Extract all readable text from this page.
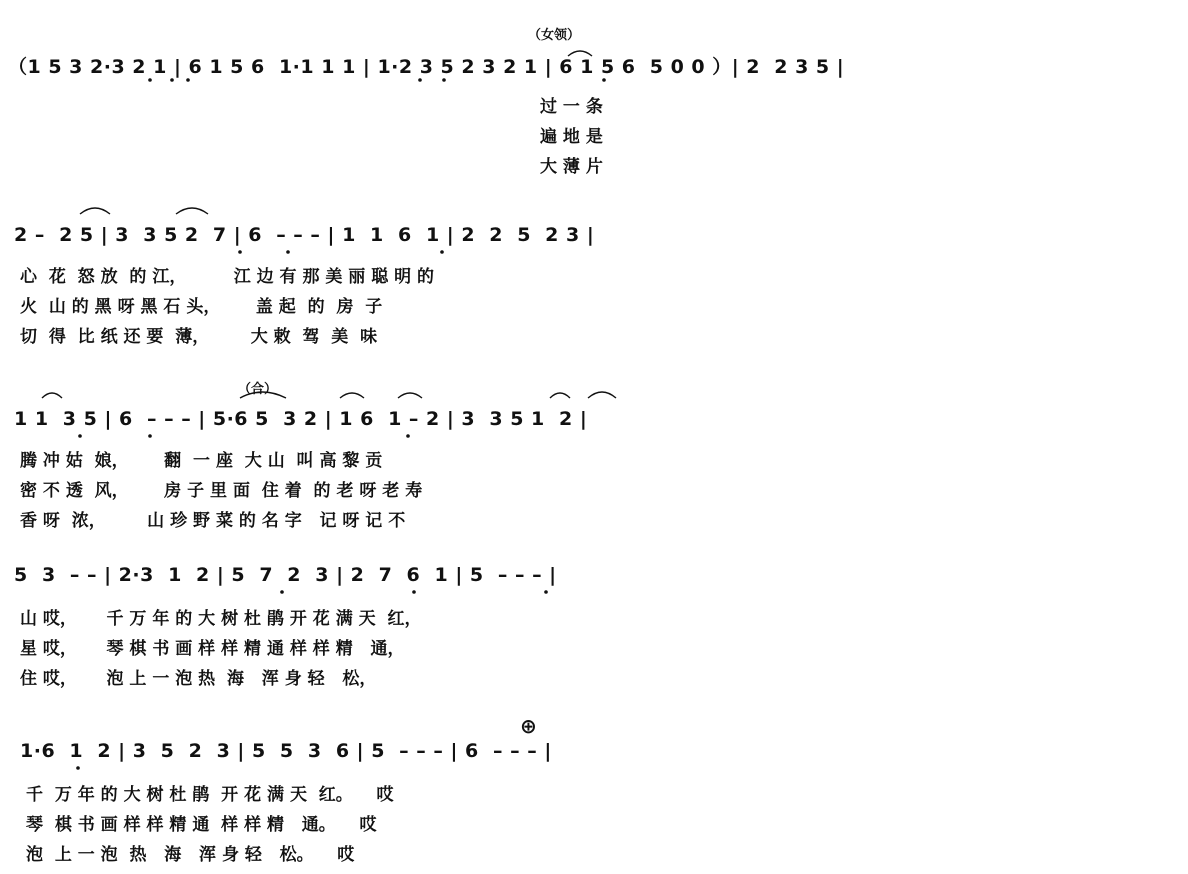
（女领）
（1 5 3 2·3 2 1 | 6 1 5 6  1·1 1 1 | 1·2 3 5 2 3 2 1 | 6 1 5 6  5 0 0 ）| 2  2 3 5 |
过 一 条
遍 地 是
大 薄 片
2 –  2 5 | 3  3 5 2  7 | 6  – – – | 1  1  6  1 | 2  2  5  2 3 |
心  花  怒 放  的 江，        江 边 有 那 美 丽 聪 明 的
火  山 的 黑 呀 黑 石 头，      盖 起  的  房  子
切  得  比 纸 还 要  薄，       大 敕  驾  美  味
（合）
1 1  3 5 | 6  – – – | 5·6 5  3 2 | 1 6  1 – 2 | 3  3 5 1  2 |
腾 冲 姑  娘，      翻  一 座  大 山  叫 高 黎 贡
密 不 透  风，      房 子 里 面  住 着  的 老 呀 老 寿
香 呀  浓，       山 珍 野 菜 的 名 字   记 呀 记 不
5  3  – – | 2·3  1  2 | 5  7  2  3 | 2  7  6  1 | 5  – – – |
山 哎，     千 万 年 的 大 树 杜 鹃 开 花 满 天  红，
星 哎，     琴 棋 书 画 样 样 精 通 样 样 精   通，
住 哎，     泡 上 一 泡 热  海   浑 身 轻   松，
⊕
1·6  1  2 | 3  5  2  3 | 5  5  3  6 | 5  – – – | 6  – – – |
千  万 年 的 大 树 杜 鹃  开 花 满 天  红。    哎
琴  棋 书 画 样 样 精 通  样 样 精   通。    哎
泡  上 一 泡  热   海   浑 身 轻   松。    哎
